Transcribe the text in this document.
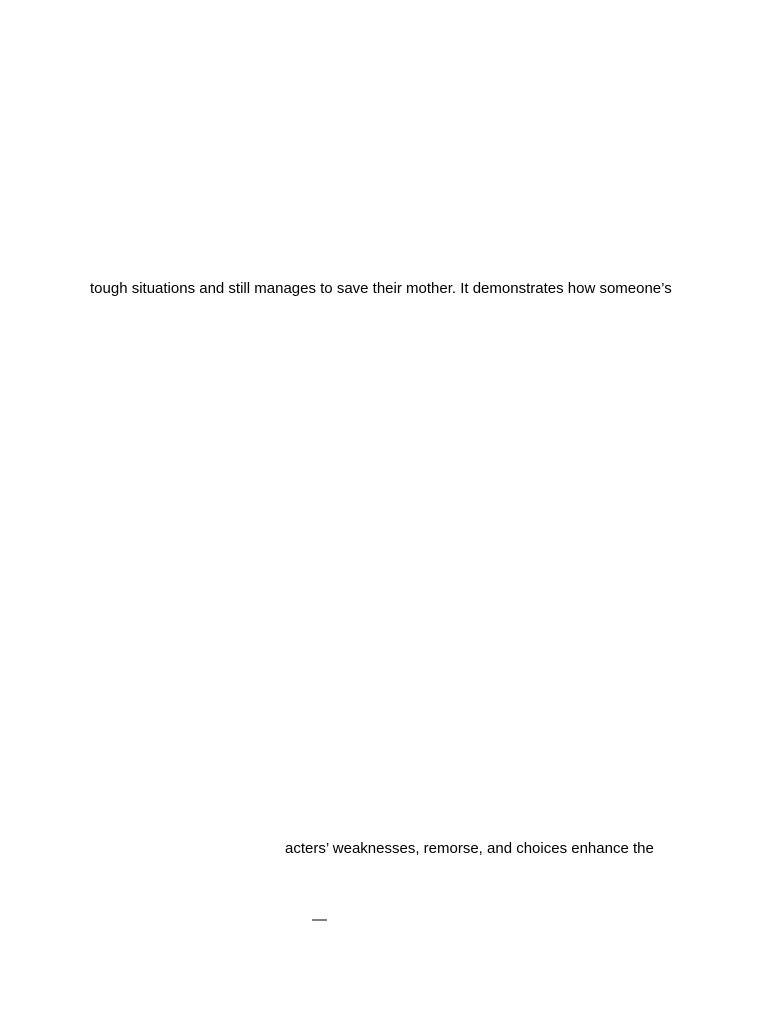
tough situations and still manages to save their mother. It demonstrates how someone’s

acters’ weaknesses, remorse, and choices enhance the

—
